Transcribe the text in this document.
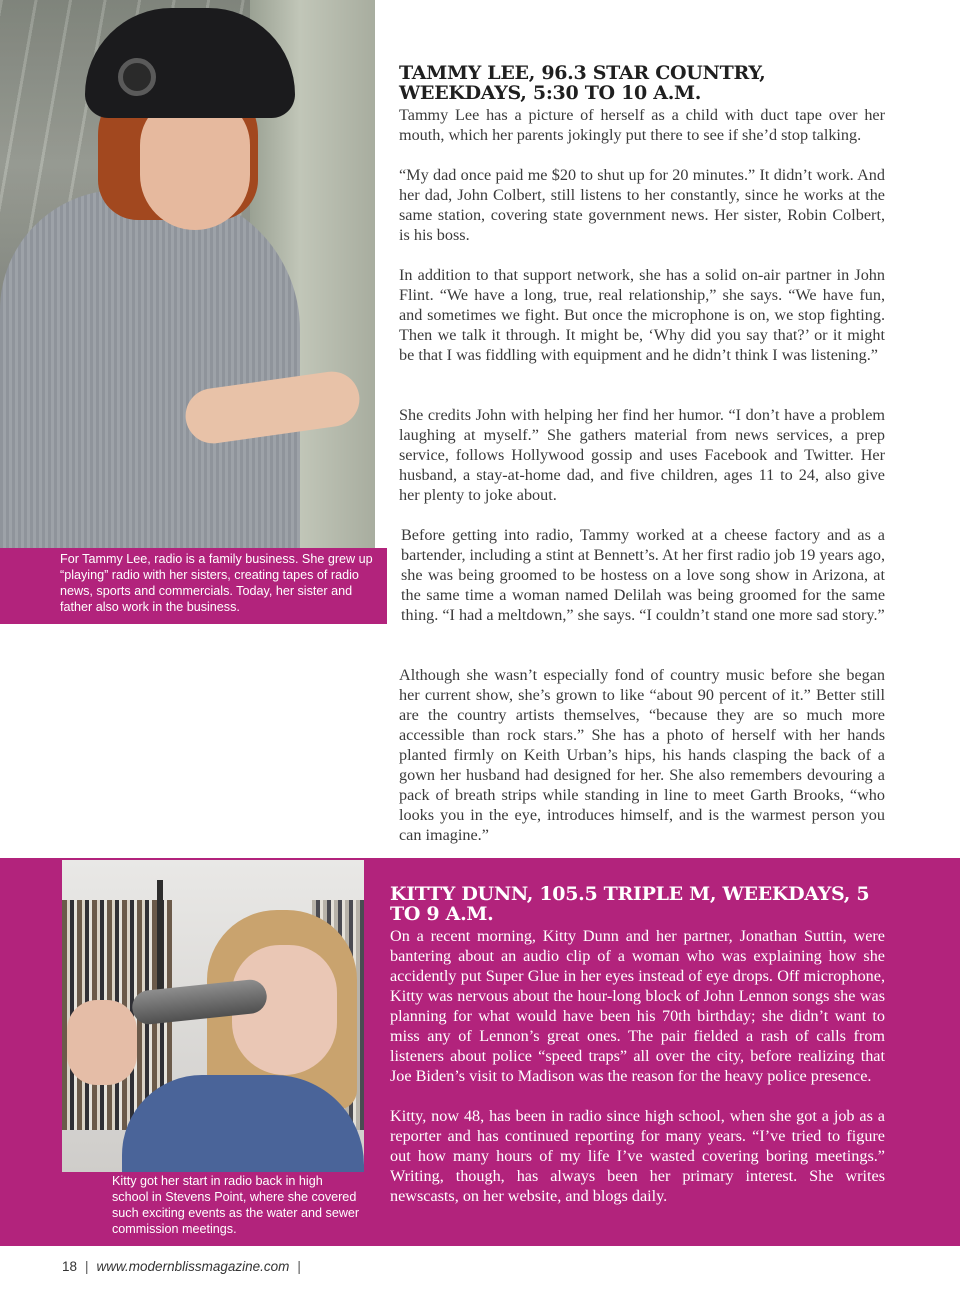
For Tammy Lee, radio is a family business. She grew up “playing” radio with her sisters, creating tapes of radio news, sports and commercials. Today, her sister and father also work in the business.
TAMMY LEE, 96.3 STAR COUNTRY, WEEKDAYS, 5:30 TO 10 A.M.

Tammy Lee has a picture of herself as a child with duct tape over her mouth, which her parents jokingly put there to see if she’d stop talking.

“My dad once paid me $20 to shut up for 20 minutes.” It didn’t work. And her dad, John Colbert, still listens to her constantly, since he works at the same station, covering state government news. Her sister, Robin Colbert, is his boss.

In addition to that support network, she has a solid on-air partner in John Flint. “We have a long, true, real relationship,” she says. “We have fun, and sometimes we fight. But once the microphone is on, we stop fighting. Then we talk it through. It might be, ‘Why did you say that?’ or it might be that I was fiddling with equipment and he didn’t think I was listening.”

She credits John with helping her find her humor. “I don’t have a problem laughing at myself.” She gathers material from news services, a prep service, follows Hollywood gossip and uses Facebook and Twitter. Her husband, a stay-at-home dad, and five children, ages 11 to 24, also give her plenty to joke about.

Before getting into radio, Tammy worked at a cheese factory and as a bartender, including a stint at Bennett’s. At her first radio job 19 years ago, she was being groomed to be hostess on a love song show in Arizona, at the same time a woman named Delilah was being groomed for the same thing. “I had a meltdown,” she says. “I couldn’t stand one more sad story.”

Although she wasn’t especially fond of country music before she began her current show, she’s grown to like “about 90 percent of it.” Better still are the country artists themselves, “because they are so much more accessible than rock stars.” She has a photo of herself with her hands planted firmly on Keith Urban’s hips, his hands clasping the back of a gown her husband had designed for her. She also remembers devouring a pack of breath strips while standing in line to meet Garth Brooks, “who looks you in the eye, introduces himself, and is the warmest person you can imagine.”

Kitty got her start in radio back in high school in Stevens Point, where she covered such exciting events as the water and sewer commission meetings.
KITTY DUNN, 105.5 TRIPLE M, WEEKDAYS, 5 TO 9 A.M.

On a recent morning, Kitty Dunn and her partner, Jonathan Suttin, were bantering about an audio clip of a woman who was explaining how she accidently put Super Glue in her eyes instead of eye drops. Off microphone, Kitty was nervous about the hour-long block of John Lennon songs she was planning for what would have been his 70th birthday; she didn’t want to miss any of Lennon’s great ones. The pair fielded a rash of calls from listeners about police “speed traps” all over the city, before realizing that Joe Biden’s visit to Madison was the reason for the heavy police presence.

Kitty, now 48, has been in radio since high school, when she got a job as a reporter and has continued reporting for many years. “I’ve tried to figure out how many hours of my life I’ve wasted covering boring meetings.” Writing, though, has always been her primary interest. She writes newscasts, on her website, and blogs daily.

18 | www.modernblissmagazine.com |
